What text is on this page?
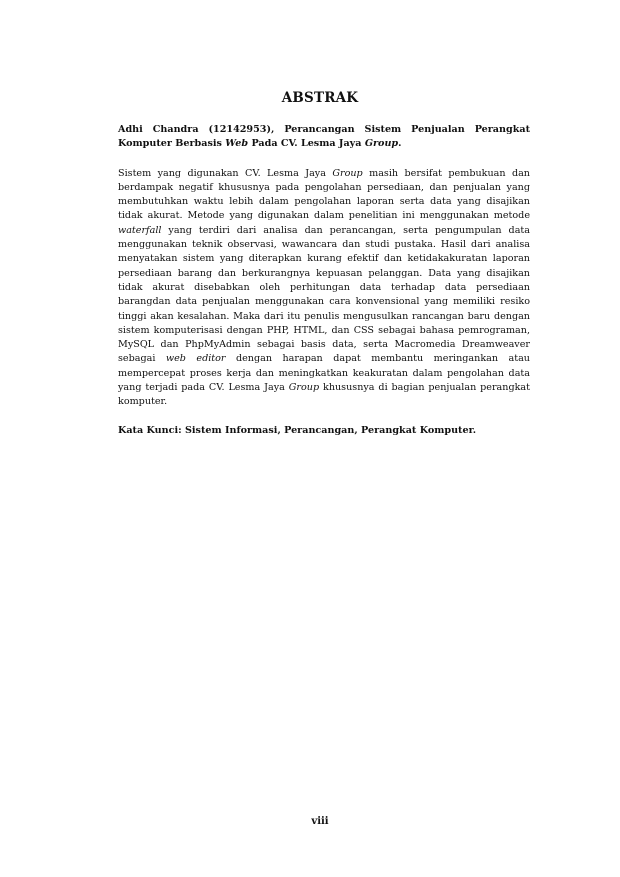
ABSTRAK

Adhi Chandra (12142953), Perancangan Sistem Penjualan Perangkat Komputer Berbasis Web Pada CV. Lesma Jaya Group.

Sistem yang digunakan CV. Lesma Jaya Group masih bersifat pembukuan dan berdampak negatif khususnya pada pengolahan persediaan, dan penjualan yang membutuhkan waktu lebih dalam pengolahan laporan serta data yang disajikan tidak akurat. Metode yang digunakan dalam penelitian ini menggunakan metode waterfall yang terdiri dari analisa dan perancangan, serta pengumpulan data menggunakan teknik observasi, wawancara dan studi pustaka. Hasil dari analisa menyatakan sistem yang diterapkan kurang efektif dan ketidakakuratan laporan persediaan barang dan berkurangnya kepuasan pelanggan. Data yang disajikan tidak akurat disebabkan oleh perhitungan data terhadap data persediaan barangdan data penjualan menggunakan cara konvensional yang memiliki resiko tinggi akan kesalahan. Maka dari itu penulis mengusulkan rancangan baru dengan sistem komputerisasi dengan PHP, HTML, dan CSS sebagai bahasa pemrograman, MySQL dan PhpMyAdmin sebagai basis data, serta Macromedia Dreamweaver sebagai web editor dengan harapan dapat membantu meringankan atau mempercepat proses kerja dan meningkatkan keakuratan dalam pengolahan data yang terjadi pada CV. Lesma Jaya Group khususnya di bagian penjualan perangkat komputer.

Kata Kunci: Sistem Informasi, Perancangan, Perangkat Komputer.

viii
